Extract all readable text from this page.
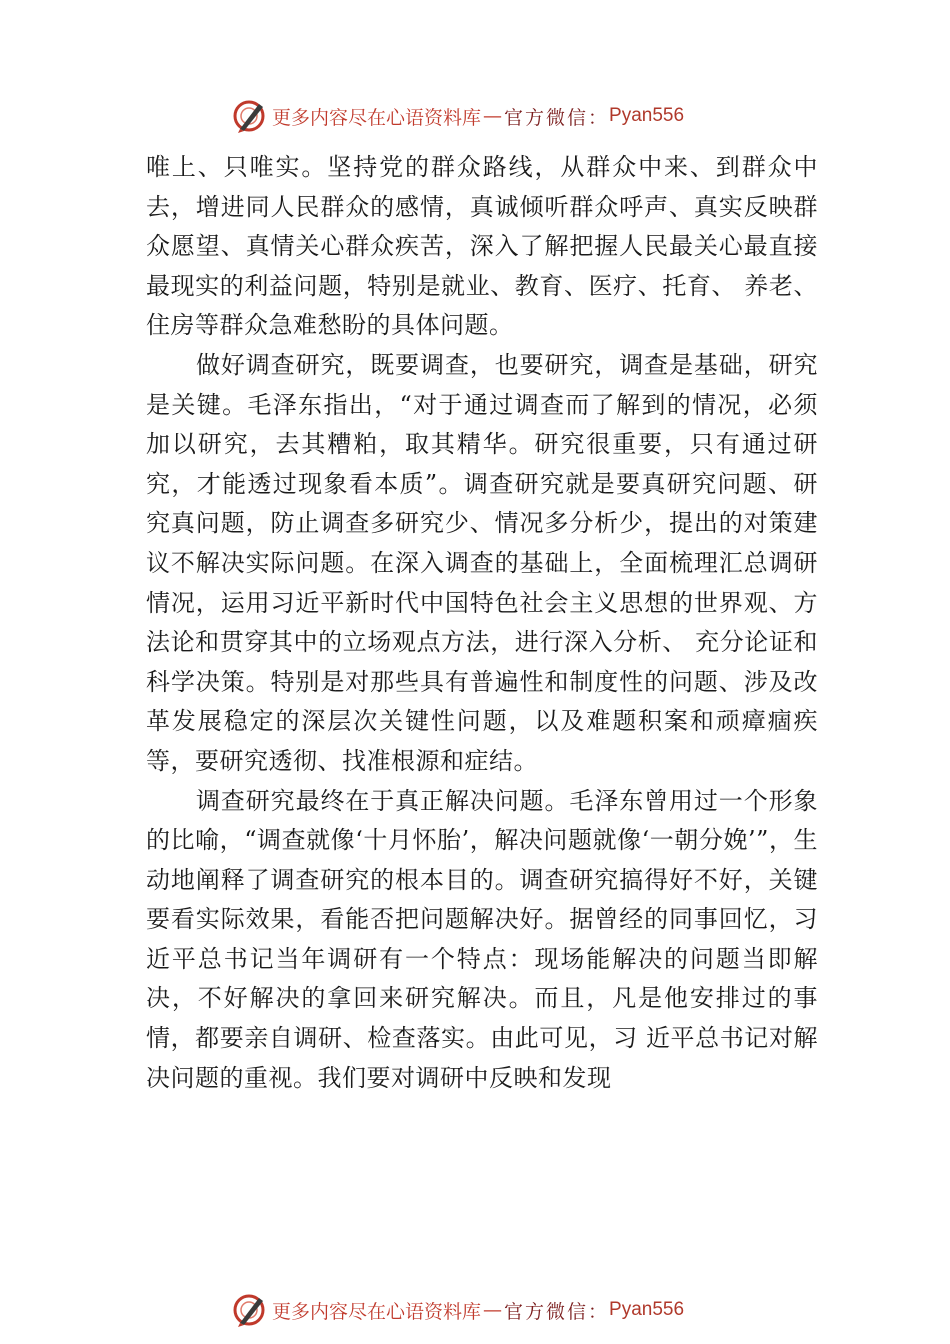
更多内容尽在心语资料库 — 官方微信： Pyan556

唯上、只唯实。坚持党的群众路线，从群众中来、到群众中去，增进同人民群众的感情，真诚倾听群众呼声、真实反映群众愿望、真情关心群众疾苦，深入了解把握人民最关心最直接最现实的利益问题，特别是就业、教育、医疗、托育、 养老、住房等群众急难愁盼的具体问题。

做好调查研究，既要调查，也要研究，调查是基础，研究是关键。毛泽东指出，“对于通过调查而了解到的情况，必须加以研究，去其糟粕，取其精华。研究很重要，只有通过研究，才能透过现象看本质”。调查研究就是要真研究问题、研究真问题，防止调查多研究少、情况多分析少，提出的对策建议不解决实际问题。在深入调查的基础上，全面梳理汇总调研情况，运用习近平新时代中国特色社会主义思想的世界观、方法论和贯穿其中的立场观点方法，进行深入分析、 充分论证和科学决策。特别是对那些具有普遍性和制度性的问题、涉及改革发展稳定的深层次关键性问题，以及难题积案和顽瘴痼疾等，要研究透彻、找准根源和症结。

调查研究最终在于真正解决问题。毛泽东曾用过一个形象的比喻，“调查就像‘十月怀胎’，解决问题就像‘一朝分娩’”，生动地阐释了调查研究的根本目的。调查研究搞得好不好，关键要看实际效果，看能否把问题解决好。据曾经的同事回忆，习近平总书记当年调研有一个特点：现场能解决的问题当即解决，不好解决的拿回来研究解决。而且，凡是他安排过的事情，都要亲自调研、检查落实。由此可见，习 近平总书记对解决问题的重视。我们要对调研中反映和发现

更多内容尽在心语资料库 — 官方微信： Pyan556
